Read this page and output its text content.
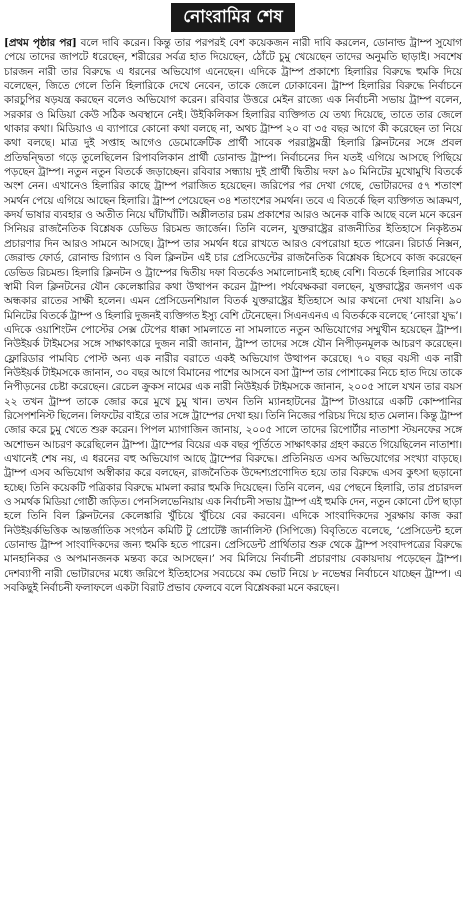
নোংরামির শেষ

[প্রথম পৃষ্ঠার পর] বলে দাবি করেন। কিন্তু তার পরপরই বেশ কয়েকজন নারী দাবি করলেন, ডোনাল্ড ট্রাম্প সুযোগ পেয়ে তাদের জাপটে ধরেছেন, শরীরের সর্বত্র হাত দিয়েছেন, ঠোঁটে চুমু খেয়েছেন তাদের অনুমতি ছাড়াই। সবশেষ চারজন নারী তার বিরুদ্ধে এ ধরনের অভিযোগ এনেছেন। এদিকে ট্রাম্প প্রকাশ্যে হিলারির বিরুদ্ধে হুমকি দিয়ে বলেছেন, জিতে গেলে তিনি হিলারিকে দেখে নেবেন, তাকে জেলে ঢোকাবেন। ট্রাম্প হিলারির বিরুদ্ধে নির্বাচনে কারচুপির ষড়যন্ত্র করছেন বলেও অভিযোগ করেন। রবিবার উত্তরে মেইন রাজ্যে এক নির্বাচনী সভায় ট্রাম্প বলেন, সরকার ও মিডিয়া কেউ সঠিক অবস্থানে নেই। উইকিলিকস হিলারির ব্যক্তিগত যে তথ্য দিয়েছে, তাতে তার জেলে থাকার কথা। মিডিয়াও এ ব্যাপারে কোনো কথা বলছে না, অথচ ট্রাম্প ২০ বা ৩৫ বছর আগে কী করেছেন তা নিয়ে কথা বলছে। মাত্র দুই সপ্তাহ আগেও ডেমোক্রেটিক প্রার্থী সাবেক পররাষ্ট্রমন্ত্রী হিলারি ক্লিনটনের সঙ্গে প্রবল প্রতিদ্বন্দ্বিতা গড়ে তুলেছিলেন রিপাবলিকান প্রার্থী ডোনাল্ড ট্রাম্প। নির্বাচনের দিন যতই এগিয়ে আসছে পিছিয়ে পড়ছেন ট্রাম্প। নতুন নতুন বিতর্কে জড়াচ্ছেন। রবিবার সন্ধ্যায় দুই প্রার্থী দ্বিতীয় দফা ৯০ মিনিটের মুখোমুখি বিতর্কে অংশ নেন। এখানেও হিলারির কাছে ট্রাম্প পরাজিত হয়েছেন। জরিপের পর দেখা গেছে, ভোটারদের ৫৭ শতাংশ সমর্থন পেয়ে এগিয়ে আছেন হিলারি। ট্রাম্প পেয়েছেন ৩৪ শতাংশের সমর্থন। তবে এ বিতর্কে ছিল ব্যক্তিগত আক্রমণ, কদর্য ভাষার ব্যবহার ও অতীত নিয়ে ঘাঁটাঘাঁটি। অশ্লীলতার চরম প্রকাশের আরও অনেক বাকি আছে বলে মনে করেন সিনিয়র রাজনৈতিক বিশ্লেষক ডেভিড রিচমন্ড জার্জেন। তিনি বলেন, যুক্তরাষ্ট্রের রাজনীতির ইতিহাসে নিকৃষ্টতম প্রচারণার দিন আরও সামনে আসছে। ট্রাম্প তার সমর্থন ধরে রাখতে আরও বেপরোয়া হতে পারেন। রিচার্ড নিক্সন, জেরাল্ড ফোর্ড, রোনাল্ড রিগ্যান ও বিল ক্লিনটন এই চার প্রেসিডেন্টের রাজনৈতিক বিশ্লেষক হিসেবে কাজ করেছেন ডেভিড রিচমন্ড। হিলারি ক্লিনটন ও ট্রাম্পের দ্বিতীয় দফা বিতর্কেও সমালোচনাই হচ্ছে বেশি। বিতর্কে হিলারির সাবেক স্বামী বিল ক্লিনটনের যৌন কেলেঙ্কারির কথা উত্থাপন করেন ট্রাম্প। পর্যবেক্ষকরা বলছেন, যুক্তরাষ্ট্রের জনগণ এক অন্ধকার রাতের সাক্ষী হলেন। এমন প্রেসিডেনশিয়াল বিতর্ক যুক্তরাষ্ট্রের ইতিহাসে আর কখনো দেখা যায়নি। ৯০ মিনিটের বিতর্কে ট্রাম্প ও হিলারি দুজনই ব্যক্তিগত ইস্যু বেশি টেনেছেন। সিএনএনএ এ বিতর্ককে বলেছে ‘নোংরা যুদ্ধ’। এদিকে ওয়াশিংটন পোস্টের সেক্স টেপের ধাক্কা সামলাতে না সামলাতে নতুন অভিযোগের সম্মুখীন হয়েছেন ট্রাম্প। নিউইয়র্ক টাইমসের সঙ্গে সাক্ষাৎকারে দুজন নারী জানান, ট্রাম্প তাদের সঙ্গে যৌন নিপীড়নমূলক আচরণ করেছেন। ফ্লোরিডার পামবিচ পোস্ট অন্য এক নারীর বরাতে একই অভিযোগ উত্থাপন করেছে। ৭০ বছর বয়সী এক নারী নিউইয়র্ক টাইমসকে জানান, ৩০ বছর আগে বিমানের পাশের আসনে বসা ট্রাম্প তার পোশাকের নিচে হাত দিয়ে তাকে নিপীড়নের চেষ্টা করেছেন। রেচেল ক্রুকস নামের এক নারী নিউইয়র্ক টাইমসকে জানান, ২০০৫ সালে যখন তার বয়স ২২ তখন ট্রাম্প তাকে জোর করে মুখে চুমু খান। তখন তিনি ম্যানহাটনের ট্রাম্প টাওয়ারে একটি কোম্পানির রিসেপশনিস্ট ছিলেন। লিফটের বাইরে তার সঙ্গে ট্রাম্পের দেখা হয়। তিনি নিজের পরিচয় দিয়ে হাত মেলান। কিন্তু ট্রাম্প জোর করে চুমু খেতে শুরু করেন। পিপল ম্যাগাজিন জানায়, ২০০৫ সালে তাদের রিপোর্টার নাতাশা স্টয়নফের সঙ্গে অশোভন আচরণ করেছিলেন ট্রাম্প। ট্রাম্পের বিয়ের এক বছর পূর্তিতে সাক্ষাৎকার গ্রহণ করতে গিয়েছিলেন নাতাশা। এখানেই শেষ নয়, এ ধরনের বহু অভিযোগ আছে ট্রাম্পের বিরুদ্ধে। প্রতিনিয়ত এসব অভিযোগের সংখ্যা বাড়ছে। ট্রাম্প এসব অভিযোগ অস্বীকার করে বলছেন, রাজনৈতিক উদ্দেশ্যপ্রণোদিত হয়ে তার বিরুদ্ধে এসব কুৎসা ছড়ানো হচ্ছে। তিনি কয়েকটি পত্রিকার বিরুদ্ধে মামলা করার হুমকি দিয়েছেন। তিনি বলেন, এর পেছনে হিলারি, তার প্রচারদল ও সমর্থক মিডিয়া গোষ্ঠী জড়িত। পেনসিলভেনিয়ায় এক নির্বাচনী সভায় ট্রাম্প এই হুমকি দেন, নতুন কোনো টেপ ছাড়া হলে তিনি বিল ক্লিনটনের কেলেঙ্কারি খুঁচিয়ে খুঁচিয়ে বের করবেন। এদিকে সাংবাদিকদের সুরক্ষায় কাজ করা নিউইয়র্কভিত্তিক আন্তর্জাতিক সংগঠন কমিটি টু প্রোটেক্ট জার্নালিস্ট (সিপিজে) বিবৃতিতে বলেছে, ‘প্রেসিডেন্ট হলে ডোনাল্ড ট্রাম্প সাংবাদিকদের জন্য হুমকি হতে পারেন। প্রেসিডেন্ট প্রার্থিতার শুরু থেকে ট্রাম্প সংবাদপত্রের বিরুদ্ধে মানহানিকর ও অপমানজনক মন্তব্য করে আসছেন।’ সব মিলিয়ে নির্বাচনী প্রচারণায় বেকায়দায় পড়েছেন ট্রাম্প। দেশব্যাপী নারী ভোটারদের মধ্যে জরিপে ইতিহাসের সবচেয়ে কম ভোট নিয়ে ৮ নভেম্বর নির্বাচনে যাচ্ছেন ট্রাম্প। এ সবকিছুই নির্বাচনী ফলাফলে একটা বিরাট প্রভাব ফেলবে বলে বিশ্লেষকরা মনে করছেন।
